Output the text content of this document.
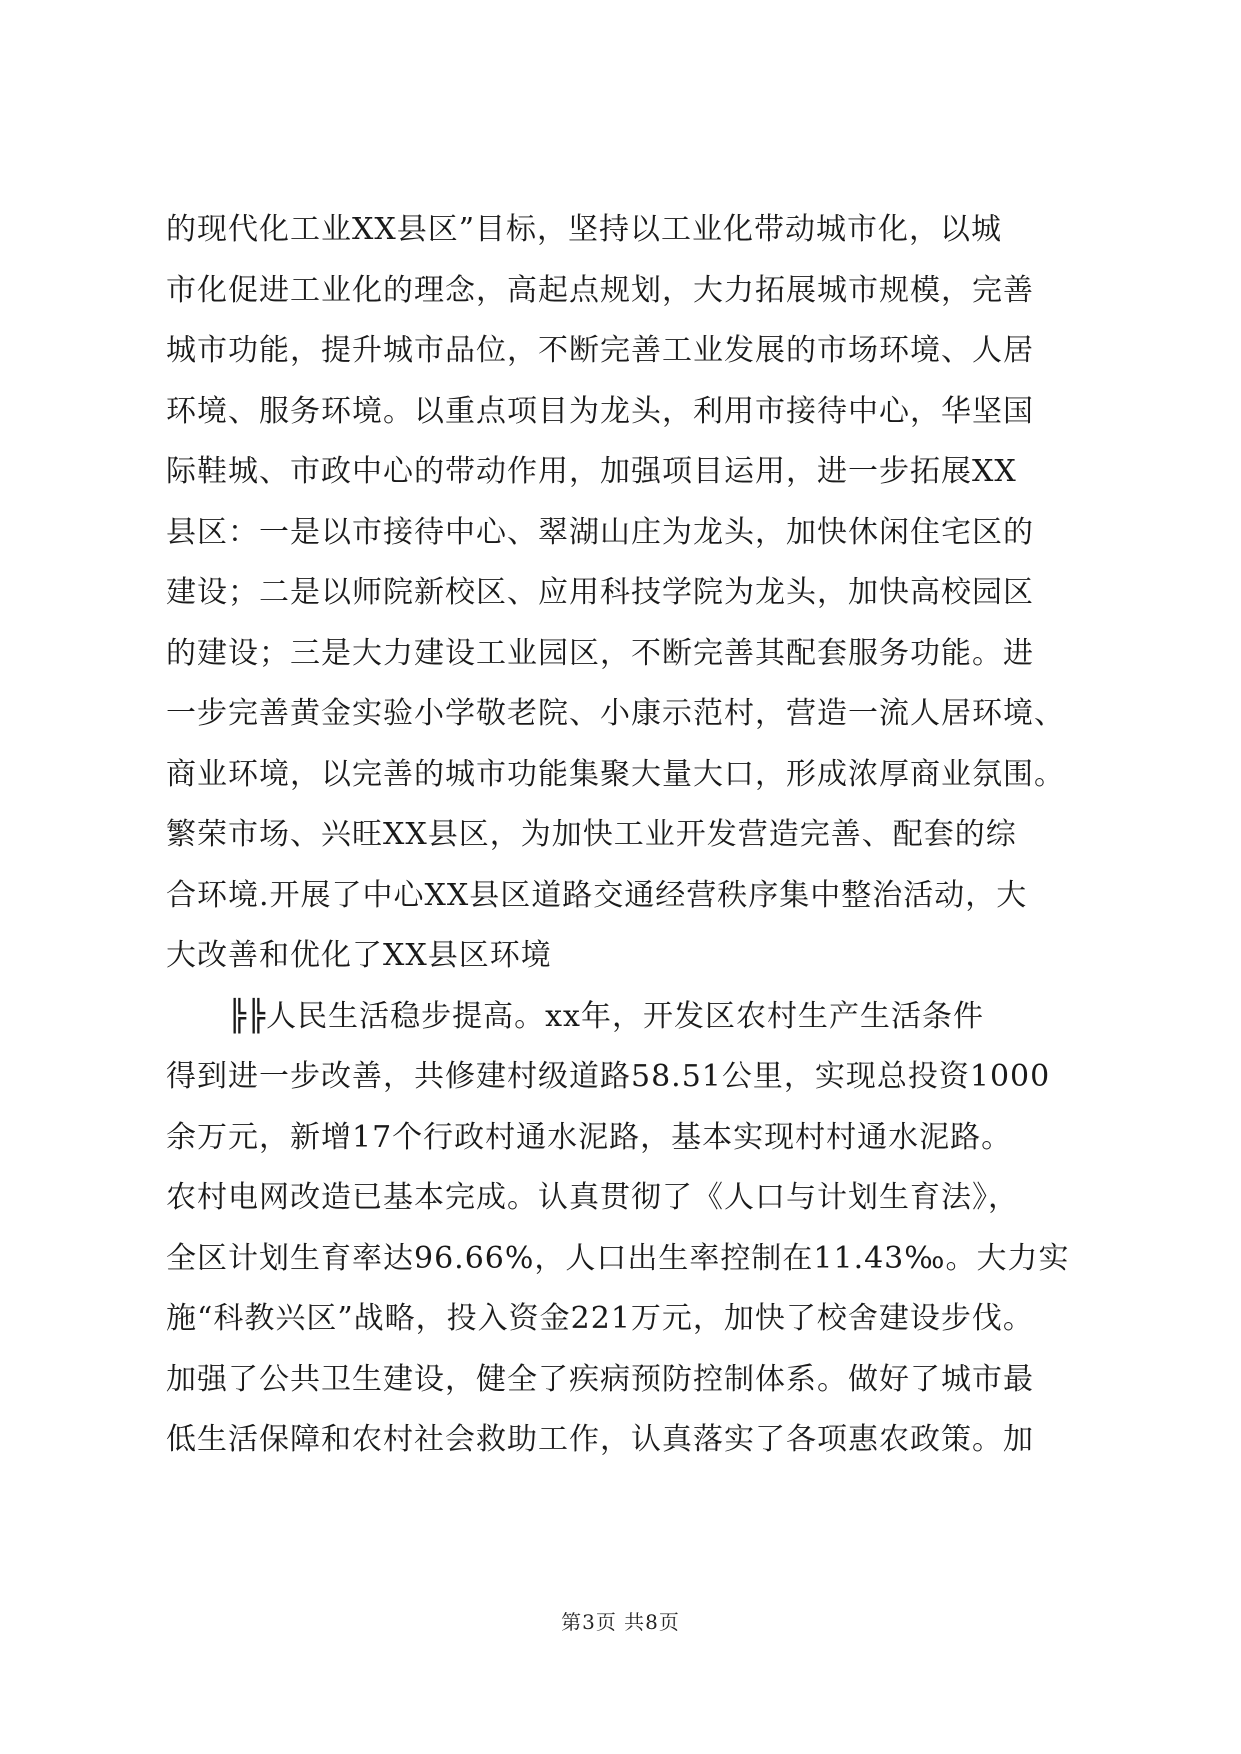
的现代化工业XX县区”目标，坚持以工业化带动城市化，以城
市化促进工业化的理念，高起点规划，大力拓展城市规模，完善
城市功能，提升城市品位，不断完善工业发展的市场环境、人居
环境、服务环境。以重点项目为龙头，利用市接待中心，华坚国
际鞋城、市政中心的带动作用，加强项目运用，进一步拓展XX
县区：一是以市接待中心、翠湖山庄为龙头，加快休闲住宅区的
建设；二是以师院新校区、应用科技学院为龙头，加快高校园区
的建设；三是大力建设工业园区，不断完善其配套服务功能。进
一步完善黄金实验小学敬老院、小康示范村，营造一流人居环境、
商业环境，以完善的城市功能集聚大量大口，形成浓厚商业氛围。
繁荣市场、兴旺XX县区，为加快工业开发营造完善、配套的综
合环境.开展了中心XX县区道路交通经营秩序集中整治活动，大
大改善和优化了XX县区环境
　　╠╠人民生活稳步提高。xx年，开发区农村生产生活条件
得到进一步改善，共修建村级道路58.51公里，实现总投资1000
余万元，新增17个行政村通水泥路，基本实现村村通水泥路。
农村电网改造已基本完成。认真贯彻了《人口与计划生育法》，
全区计划生育率达96.66%，人口出生率控制在11.43‰。大力实
施“科教兴区”战略，投入资金221万元，加快了校舍建设步伐。
加强了公共卫生建设，健全了疾病预防控制体系。做好了城市最
低生活保障和农村社会救助工作，认真落实了各项惠农政策。加
第3页 共8页
